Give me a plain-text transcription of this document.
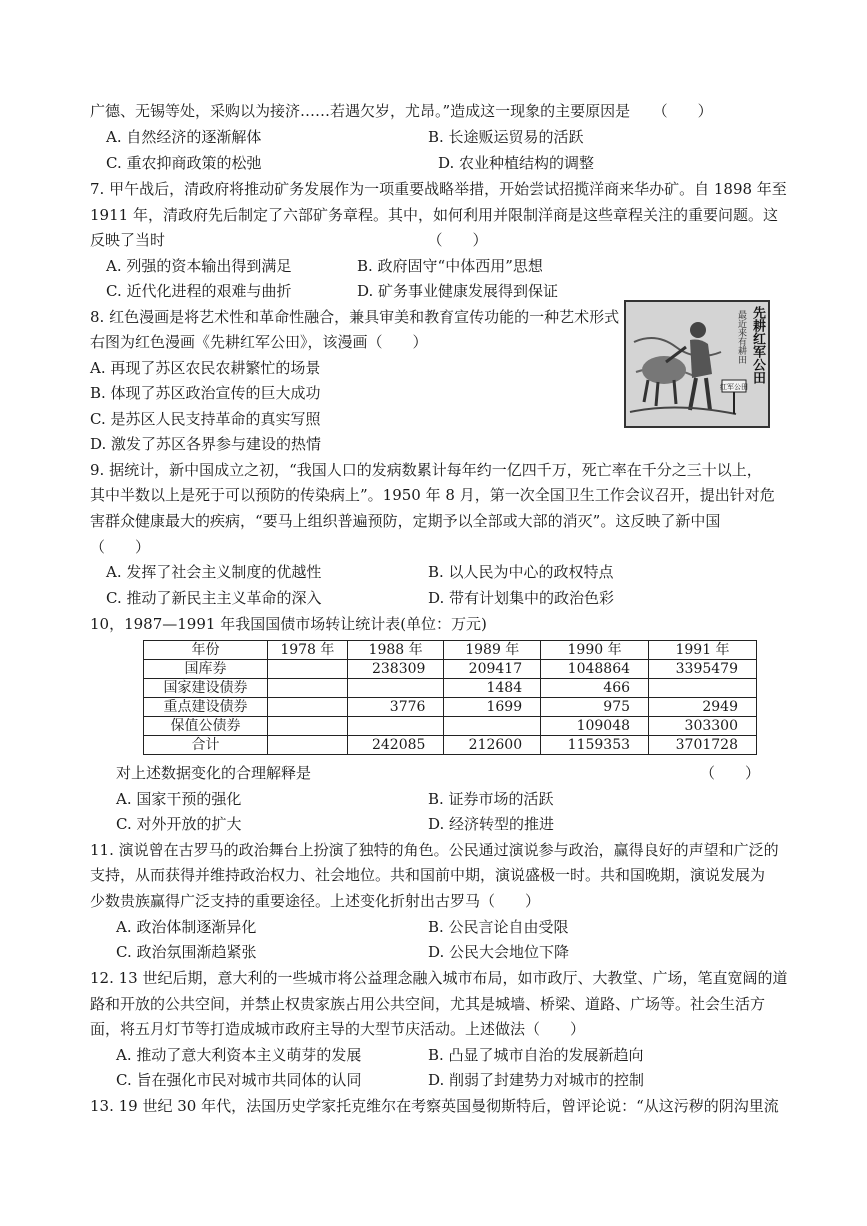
广德、无锡等处，采购以为接济……若遇欠岁，尤昂。”造成这一现象的主要原因是　　（　　）
A. 自然经济的逐渐解体	B. 长途贩运贸易的活跃
C. 重农抑商政策的松弛	D. 农业种植结构的调整
7. 甲午战后，清政府将推动矿务发展作为一项重要战略举措，开始尝试招揽洋商来华办矿。自 1898 年至
1911 年，清政府先后制定了六部矿务章程。其中，如何利用并限制洋商是这些章程关注的重要问题。这
反映了当时　　　　　　　　　　　　　　　　　　（　　）
A. 列强的资本输出得到满足	B. 政府固守“中体西用”思想
C. 近代化进程的艰难与曲折	D. 矿务事业健康发展得到保证
8. 红色漫画是将艺术性和革命性融合，兼具审美和教育宣传功能的一种艺术形式
右图为红色漫画《先耕红军公田》，该漫画（　　）
A. 再现了苏区农民农耕繁忙的场景
B. 体现了苏区政治宣传的巨大成功
C. 是苏区人民支持革命的真实写照
D. 激发了苏区各界参与建设的热情
先耕红军公田
最近来有耕田
红军公田
9. 据统计，新中国成立之初，“我国人口的发病数累计每年约一亿四千万，死亡率在千分之三十以上，
其中半数以上是死于可以预防的传染病上”。1950 年 8 月，第一次全国卫生工作会议召开，提出针对危
害群众健康最大的疾病，“要马上组织普遍预防，定期予以全部或大部的消灭”。这反映了新中国
（　　）
A. 发挥了社会主义制度的优越性	B. 以人民为中心的政权特点
C. 推动了新民主主义革命的深入	D. 带有计划集中的政治色彩
10，1987—1991 年我国国债市场转让统计表(单位：万元)
年份	1978 年	1988 年	1989 年	1990 年	1991 年
国库券		238309	209417	1048864	3395479
国家建设债券			1484	466	
重点建设债券		3776	1699	975	2949
保值公债券				109048	303300
合计		242085	212600	1159353	3701728
对上述数据变化的合理解释是	（　　）
A. 国家干预的强化	B. 证券市场的活跃
C. 对外开放的扩大	D. 经济转型的推进
11. 演说曾在古罗马的政治舞台上扮演了独特的角色。公民通过演说参与政治，赢得良好的声望和广泛的
支持，从而获得并维持政治权力、社会地位。共和国前中期，演说盛极一时。共和国晚期，演说发展为
少数贵族赢得广泛支持的重要途径。上述变化折射出古罗马（　　）
A. 政治体制逐渐异化	B. 公民言论自由受限
C. 政治氛围渐趋紧张	D. 公民大会地位下降
12. 13 世纪后期，意大利的一些城市将公益理念融入城市布局，如市政厅、大教堂、广场，笔直宽阔的道
路和开放的公共空间，并禁止权贵家族占用公共空间，尤其是城墙、桥梁、道路、广场等。社会生活方
面，将五月灯节等打造成城市政府主导的大型节庆活动。上述做法（　　）
A. 推动了意大利资本主义萌芽的发展	B. 凸显了城市自治的发展新趋向
C. 旨在强化市民对城市共同体的认同	D. 削弱了封建势力对城市的控制
13. 19 世纪 30 年代，法国历史学家托克维尔在考察英国曼彻斯特后，曾评论说：“从这污秽的阴沟里流
